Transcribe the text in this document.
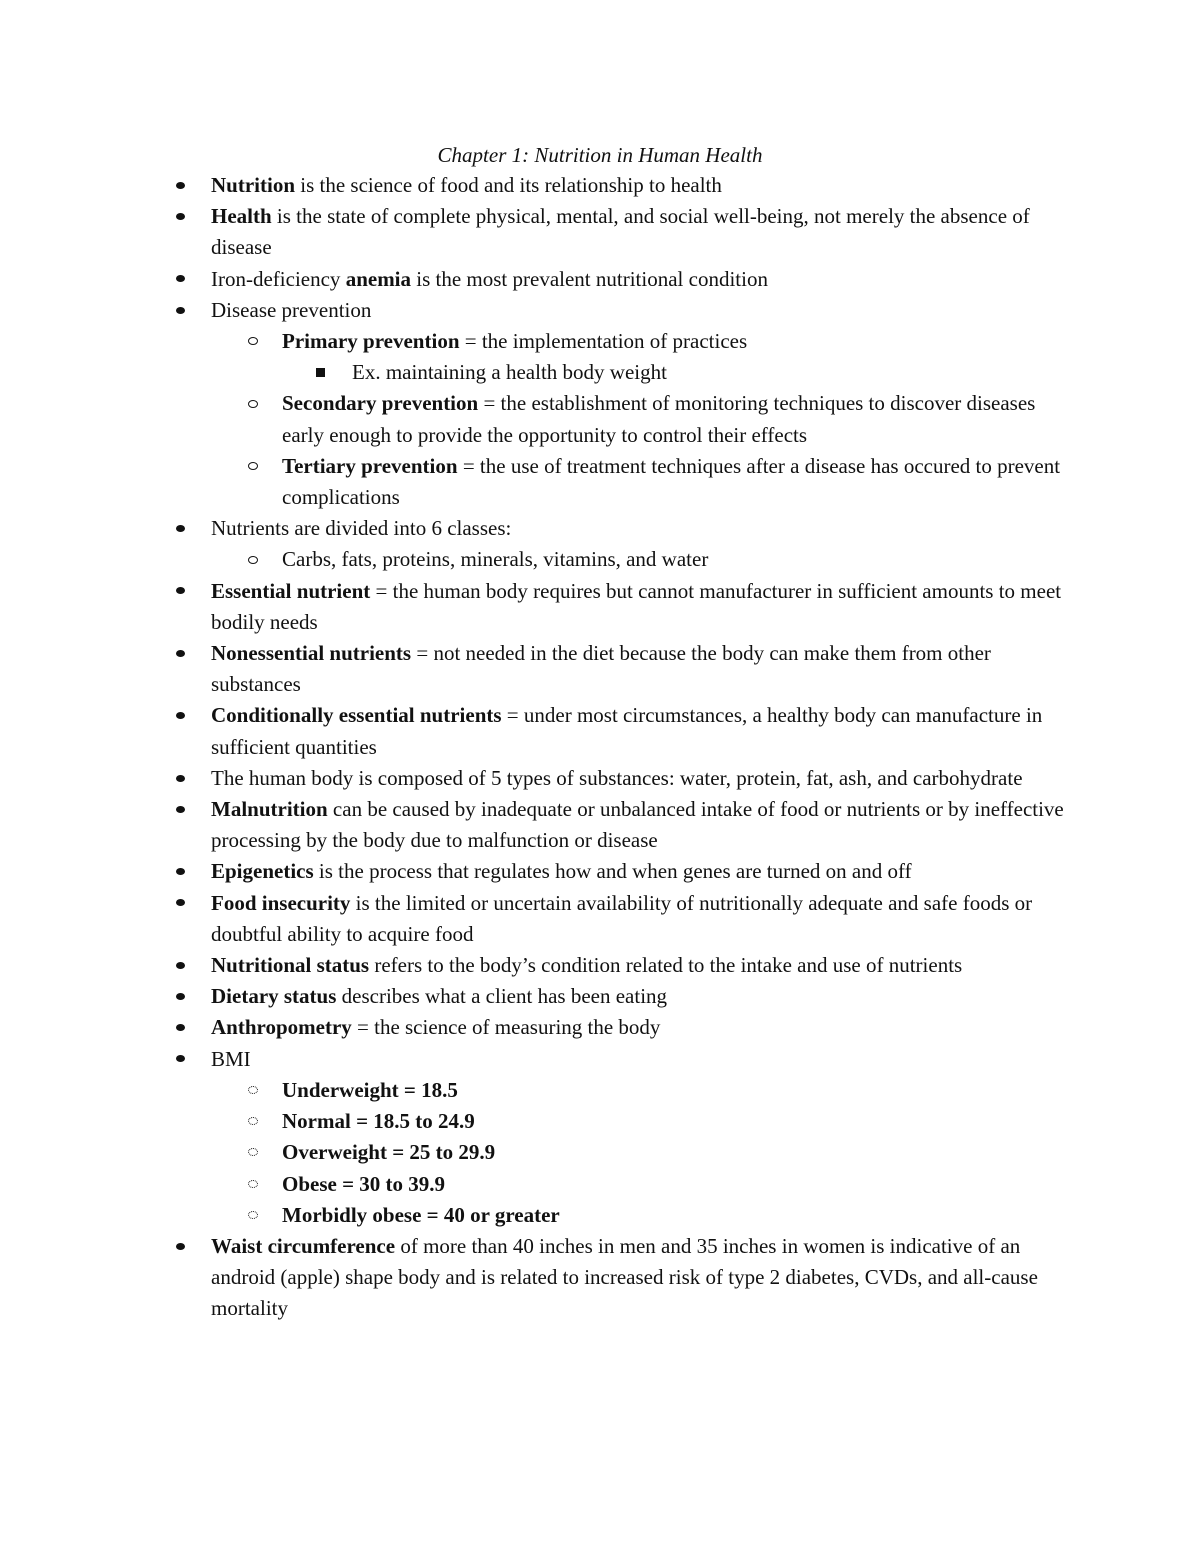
Chapter 1: Nutrition in Human Health
Nutrition is the science of food and its relationship to health
Health is the state of complete physical, mental, and social well-being, not merely the absence of disease
Iron-deficiency anemia is the most prevalent nutritional condition
Disease prevention
Primary prevention = the implementation of practices
Ex. maintaining a health body weight
Secondary prevention = the establishment of monitoring techniques to discover diseases early enough to provide the opportunity to control their effects
Tertiary prevention = the use of treatment techniques after a disease has occured to prevent complications
Nutrients are divided into 6 classes:
Carbs, fats, proteins, minerals, vitamins, and water
Essential nutrient = the human body requires but cannot manufacturer in sufficient amounts to meet bodily needs
Nonessential nutrients = not needed in the diet because the body can make them from other substances
Conditionally essential nutrients = under most circumstances, a healthy body can manufacture in sufficient quantities
The human body is composed of 5 types of substances: water, protein, fat, ash, and carbohydrate
Malnutrition can be caused by inadequate or unbalanced intake of food or nutrients or by ineffective processing by the body due to malfunction or disease
Epigenetics is the process that regulates how and when genes are turned on and off
Food insecurity is the limited or uncertain availability of nutritionally adequate and safe foods or doubtful ability to acquire food
Nutritional status refers to the body’s condition related to the intake and use of nutrients
Dietary status describes what a client has been eating
Anthropometry = the science of measuring the body
BMI
Underweight = 18.5
Normal = 18.5 to 24.9
Overweight = 25 to 29.9
Obese = 30 to 39.9
Morbidly obese = 40 or greater
Waist circumference of more than 40 inches in men and 35 inches in women is indicative of an android (apple) shape body and is related to increased risk of type 2 diabetes, CVDs, and all-cause mortality
